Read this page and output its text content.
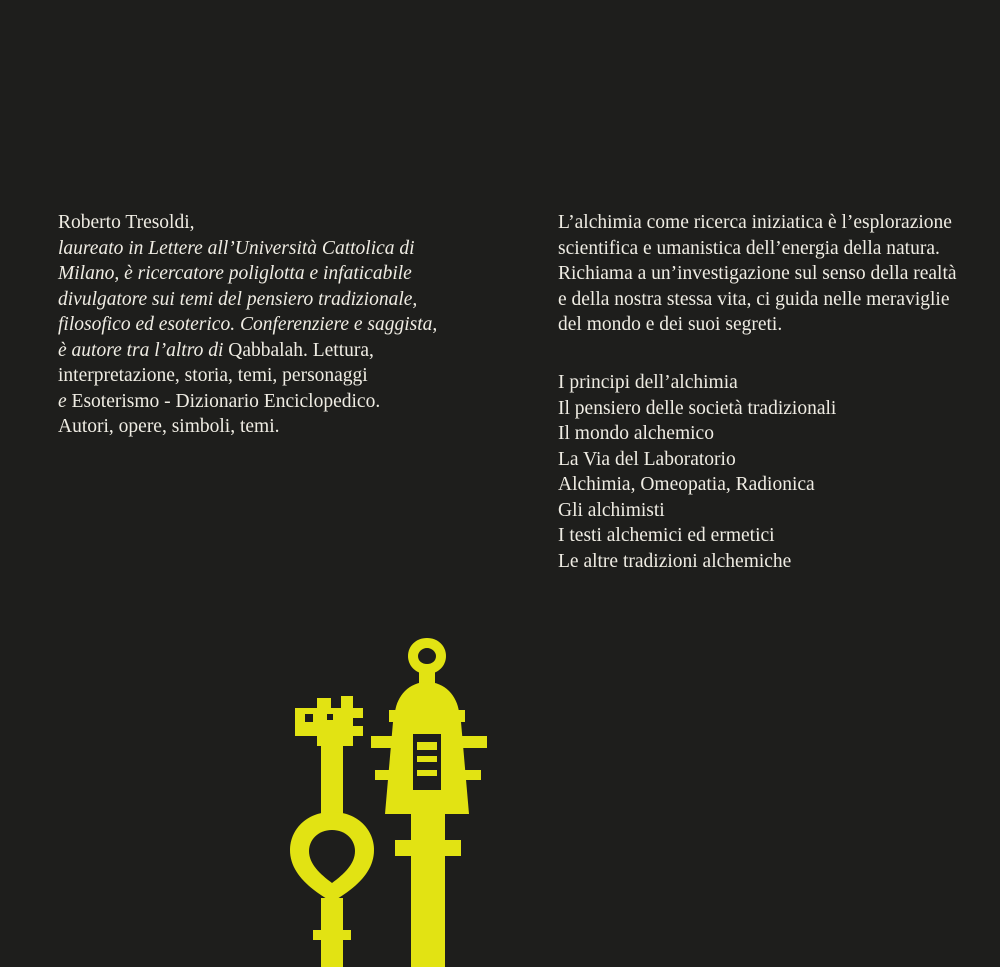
Roberto Tresoldi,
laureato in Lettere all’Università Cattolica di
Milano, è ricercatore poliglotta e infaticabile
divulgatore sui temi del pensiero tradizionale,
filosofico ed esoterico. Conferenziere e saggista,
è autore tra l’altro di Qabbalah. Lettura,
interpretazione, storia, temi, personaggi
e Esoterismo - Dizionario Enciclopedico.
Autori, opere, simboli, temi.

L’alchimia come ricerca iniziatica è l’esplorazione scientifica e umanistica dell’energia della natura. Richiama a un’investigazione sul senso della realtà e della nostra stessa vita, ci guida nelle meraviglie del mondo e dei suoi segreti.

I principi dell’alchimia
Il pensiero delle società tradizionali
Il mondo alchemico
La Via del Laboratorio
Alchimia, Omeopatia, Radionica
Gli alchimisti
I testi alchemici ed ermetici
Le altre tradizioni alchemiche
